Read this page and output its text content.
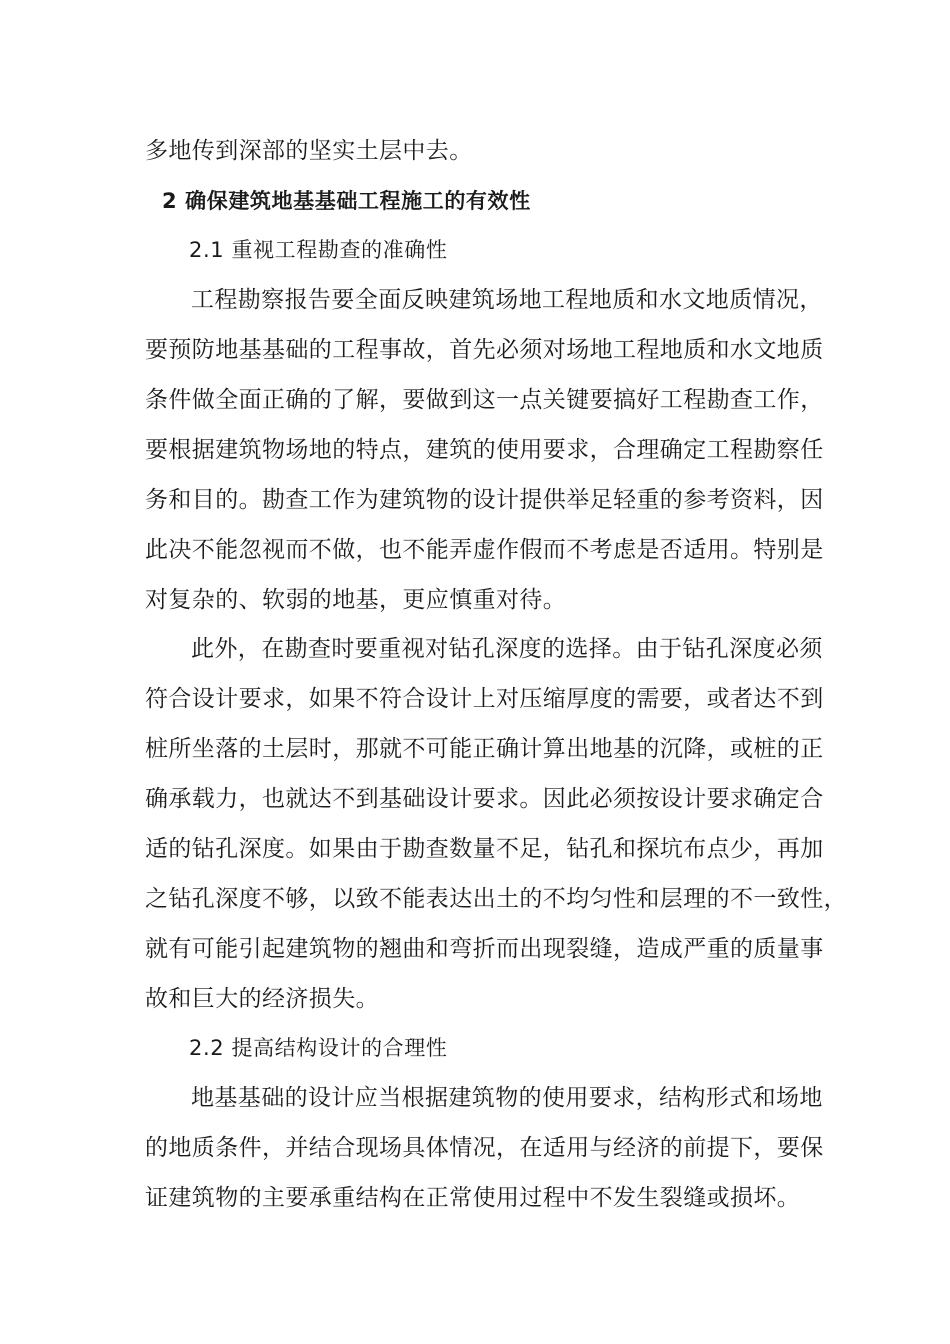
多地传到深部的坚实土层中去。
2 确保建筑地基基础工程施工的有效性
2.1 重视工程勘查的准确性
工程勘察报告要全面反映建筑场地工程地质和水文地质情况，
要预防地基基础的工程事故，首先必须对场地工程地质和水文地质
条件做全面正确的了解，要做到这一点关键要搞好工程勘查工作，
要根据建筑物场地的特点，建筑的使用要求，合理确定工程勘察任
务和目的。勘查工作为建筑物的设计提供举足轻重的参考资料，因
此决不能忽视而不做，也不能弄虚作假而不考虑是否适用。特别是
对复杂的、软弱的地基，更应慎重对待。
此外，在勘查时要重视对钻孔深度的选择。由于钻孔深度必须
符合设计要求，如果不符合设计上对压缩厚度的需要，或者达不到
桩所坐落的土层时，那就不可能正确计算出地基的沉降，或桩的正
确承载力，也就达不到基础设计要求。因此必须按设计要求确定合
适的钻孔深度。如果由于勘查数量不足，钻孔和探坑布点少，再加
之钻孔深度不够，以致不能表达出土的不均匀性和层理的不一致性，
就有可能引起建筑物的翘曲和弯折而出现裂缝，造成严重的质量事
故和巨大的经济损失。
2.2 提高结构设计的合理性
地基基础的设计应当根据建筑物的使用要求，结构形式和场地
的地质条件，并结合现场具体情况，在适用与经济的前提下，要保
证建筑物的主要承重结构在正常使用过程中不发生裂缝或损坏。
